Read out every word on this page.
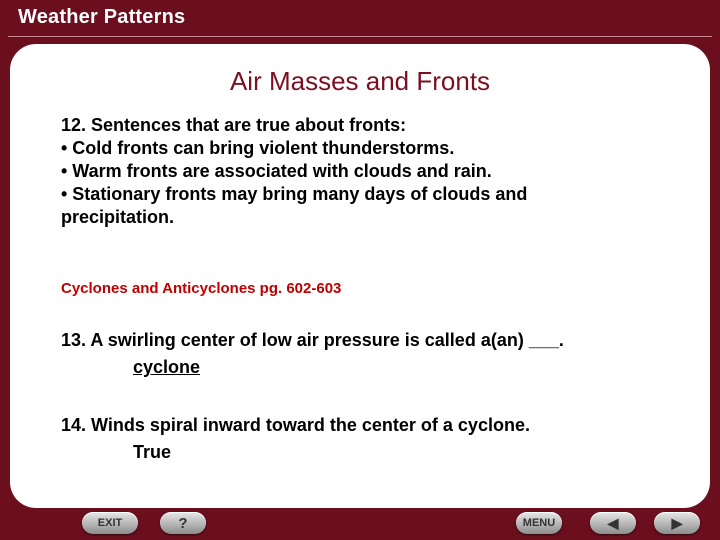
Weather Patterns
Air Masses and Fronts
12. Sentences that are true about fronts:
• Cold fronts can bring violent thunderstorms.
• Warm fronts are associated with clouds and rain.
• Stationary fronts may bring many days of clouds and precipitation.
Cyclones and Anticyclones pg. 602-603
13. A swirling center of low air pressure is called a(an) ___.
cyclone
14. Winds spiral inward toward the center of a cyclone.
True
EXIT	?	MENU	◀	▶
